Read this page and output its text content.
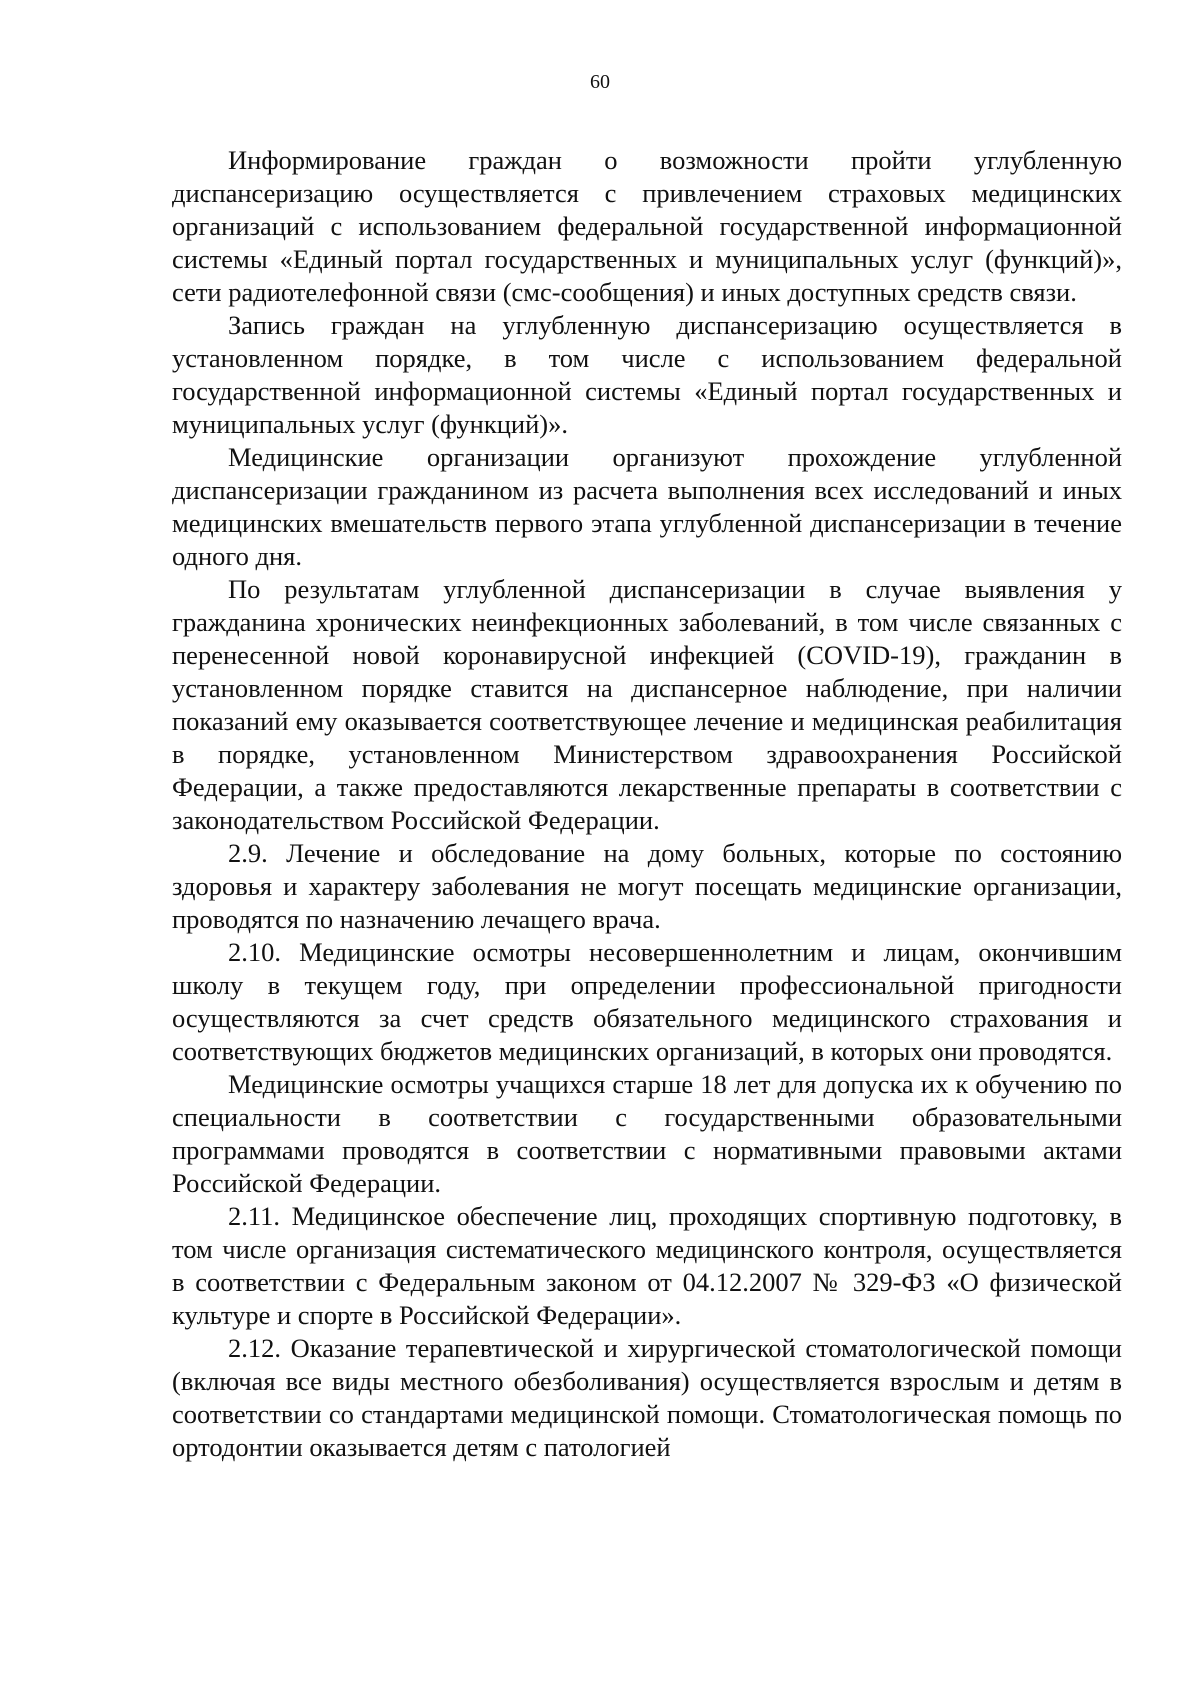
60

Информирование граждан о возможности пройти углубленную диспансеризацию осуществляется с привлечением страховых медицинских организаций с использованием федеральной государственной информационной системы «Единый портал государственных и муниципальных услуг (функций)», сети радиотелефонной связи (смс-сообщения) и иных доступных средств связи.

Запись граждан на углубленную диспансеризацию осуществляется в установленном порядке, в том числе с использованием федеральной государственной информационной системы «Единый портал государственных и муниципальных услуг (функций)».

Медицинские организации организуют прохождение углубленной диспансеризации гражданином из расчета выполнения всех исследований и иных медицинских вмешательств первого этапа углубленной диспансеризации в течение одного дня.

По результатам углубленной диспансеризации в случае выявления у гражданина хронических неинфекционных заболеваний, в том числе связанных с перенесенной новой коронавирусной инфекцией (COVID-19), гражданин в установленном порядке ставится на диспансерное наблюдение, при наличии показаний ему оказывается соответствующее лечение и медицинская реабилитация в порядке, установленном Министерством здравоохранения Российской Федерации, а также предоставляются лекарственные препараты в соответствии с законодательством Российской Федерации.

2.9. Лечение и обследование на дому больных, которые по состоянию здоровья и характеру заболевания не могут посещать медицинские организации, проводятся по назначению лечащего врача.

2.10. Медицинские осмотры несовершеннолетним и лицам, окончившим школу в текущем году, при определении профессиональной пригодности осуществляются за счет средств обязательного медицинского страхования и соответствующих бюджетов медицинских организаций, в которых они проводятся.

Медицинские осмотры учащихся старше 18 лет для допуска их к обучению по специальности в соответствии с государственными образовательными программами проводятся в соответствии с нормативными правовыми актами Российской Федерации.

2.11. Медицинское обеспечение лиц, проходящих спортивную подготовку, в том числе организация систематического медицинского контроля, осуществляется в соответствии с Федеральным законом от 04.12.2007 № 329-ФЗ «О физической культуре и спорте в Российской Федерации».

2.12. Оказание терапевтической и хирургической стоматологической помощи (включая все виды местного обезболивания) осуществляется взрослым и детям в соответствии со стандартами медицинской помощи. Стоматологическая помощь по ортодонтии оказывается детям с патологией
